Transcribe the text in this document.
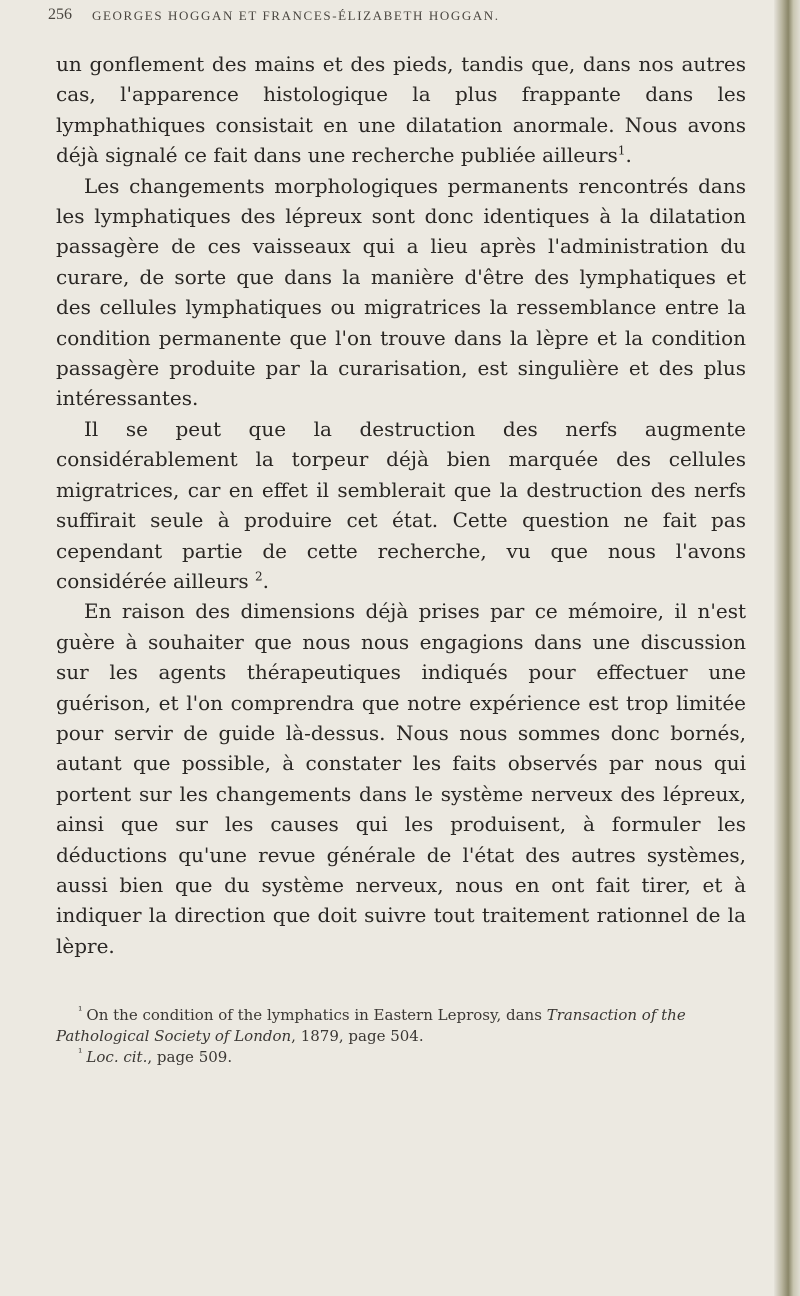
256 GEORGES HOGGAN ET FRANCES-ÉLIZABETH HOGGAN.

un gonflement des mains et des pieds, tandis que, dans nos autres cas, l'apparence histologique la plus frappante dans les lymphathiques consistait en une dilatation anormale. Nous avons déjà signalé ce fait dans une recherche publiée ailleurs$^1$.

Les changements morphologiques permanents rencontrés dans les lymphatiques des lépreux sont donc identiques à la dilatation passagère de ces vaisseaux qui a lieu après l'administration du curare, de sorte que dans la manière d'être des lymphatiques et des cellules lymphatiques ou migratrices la ressemblance entre la condition permanente que l'on trouve dans la lèpre et la condition passagère produite par la curarisation, est singulière et des plus intéressantes.

Il se peut que la destruction des nerfs augmente considérablement la torpeur déjà bien marquée des cellules migratrices, car en effet il semblerait que la destruction des nerfs suffirait seule à produire cet état. Cette question ne fait pas cependant partie de cette recherche, vu que nous l'avons considérée ailleurs $^2$.

En raison des dimensions déjà prises par ce mémoire, il n'est guère à souhaiter que nous nous engagions dans une discussion sur les agents thérapeutiques indiqués pour effectuer une guérison, et l'on comprendra que notre expérience est trop limitée pour servir de guide là-dessus. Nous nous sommes donc bornés, autant que possible, à constater les faits observés par nous qui portent sur les changements dans le système nerveux des lépreux, ainsi que sur les causes qui les produisent, à formuler les déductions qu'une revue générale de l'état des autres systèmes, aussi bien que du système nerveux, nous en ont fait tirer, et à indiquer la direction que doit suivre tout traitement rationnel de la lèpre.

$^{^1}$ On the condition of the lymphatics in Eastern Leprosy, dans Transaction of the Pathological Society of London, 1879, page 504.

$^{^1}$ Loc. cit., page 509.
